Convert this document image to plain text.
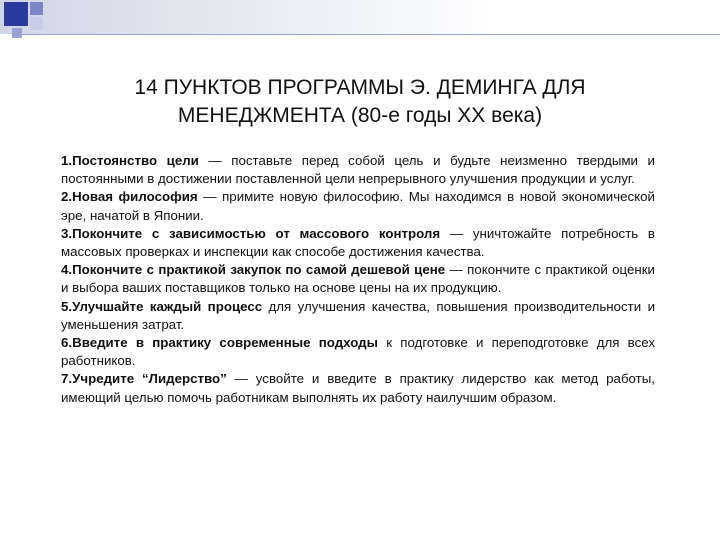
14 ПУНКТОВ ПРОГРАММЫ Э. ДЕМИНГА ДЛЯ МЕНЕДЖМЕНТА (80-е годы ХХ века)

1.Постоянство цели — поставьте перед собой цель и будьте неизменно твердыми и постоянными в достижении поставленной цели непрерывного улучшения продукции и услуг.

2.Новая философия — примите новую философию. Мы находимся в новой экономической эре, начатой в Японии.

3.Покончите с зависимостью от массового контроля — уничтожайте потребность в массовых проверках и инспекции как способе достижения качества.

4.Покончите с практикой закупок по самой дешевой цене — покончите с практикой оценки и выбора ваших поставщиков только на основе цены на их продукцию.

5.Улучшайте каждый процесс для улучшения качества, повышения производительности и уменьшения затрат.

6.Введите в практику современные подходы к подготовке и переподготовке для всех работников.

7.Учредите “Лидерство” — усвойте и введите в практику лидерство как метод работы, имеющий целью помочь работникам выполнять их работу наилучшим образом.
